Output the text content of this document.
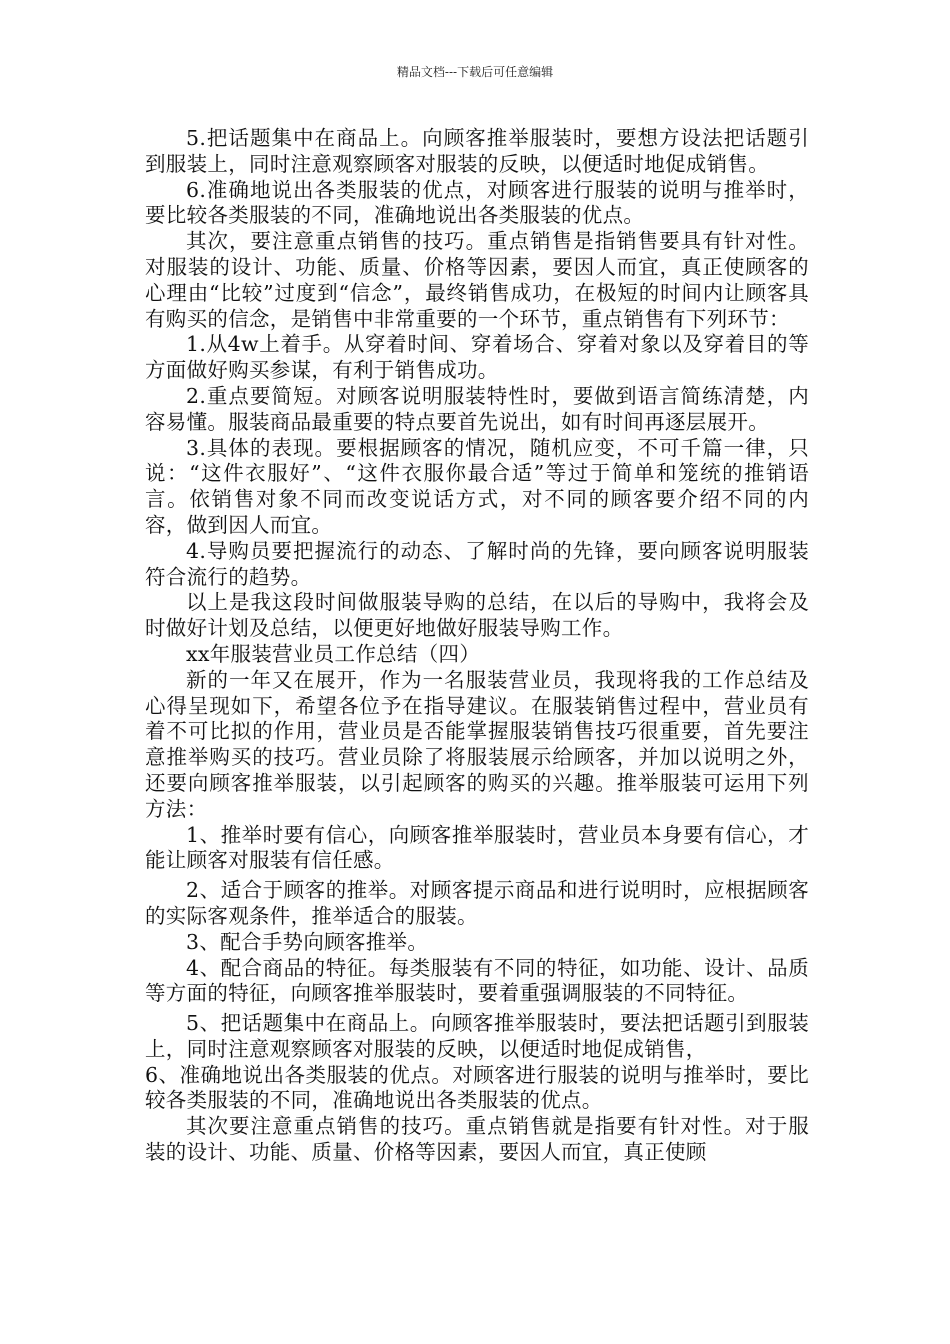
精品文档---下载后可任意编辑

5.把话题集中在商品上。向顾客推举服装时，要想方设法把话题引到服装上，同时注意观察顾客对服装的反映，以便适时地促成销售。

6.准确地说出各类服装的优点，对顾客进行服装的说明与推举时，要比较各类服装的不同，准确地说出各类服装的优点。

其次，要注意重点销售的技巧。重点销售是指销售要具有针对性。对服装的设计、功能、质量、价格等因素，要因人而宜，真正使顾客的心理由“比较”过度到“信念”，最终销售成功，在极短的时间内让顾客具有购买的信念，是销售中非常重要的一个环节，重点销售有下列环节：

1.从4w上着手。从穿着时间、穿着场合、穿着对象以及穿着目的等方面做好购买参谋，有利于销售成功。

2.重点要简短。对顾客说明服装特性时，要做到语言简练清楚，内容易懂。服装商品最重要的特点要首先说出，如有时间再逐层展开。

3.具体的表现。要根据顾客的情况，随机应变，不可千篇一律，只说：“这件衣服好”、“这件衣服你最合适”等过于简单和笼统的推销语言。依销售对象不同而改变说话方式，对不同的顾客要介绍不同的内容，做到因人而宜。

4.导购员要把握流行的动态、了解时尚的先锋，要向顾客说明服装符合流行的趋势。

以上是我这段时间做服装导购的总结，在以后的导购中，我将会及时做好计划及总结，以便更好地做好服装导购工作。

xx年服装营业员工作总结（四）

新的一年又在展开，作为一名服装营业员，我现将我的工作总结及心得呈现如下，希望各位予在指导建议。在服装销售过程中，营业员有着不可比拟的作用，营业员是否能掌握服装销售技巧很重要，首先要注意推举购买的技巧。营业员除了将服装展示给顾客，并加以说明之外，还要向顾客推举服装，以引起顾客的购买的兴趣。推举服装可运用下列方法：

1、推举时要有信心，向顾客推举服装时，营业员本身要有信心，才能让顾客对服装有信任感。

2、适合于顾客的推举。对顾客提示商品和进行说明时，应根据顾客的实际客观条件，推举适合的服装。

3、配合手势向顾客推举。

4、配合商品的特征。每类服装有不同的特征，如功能、设计、品质等方面的特征，向顾客推举服装时，要着重强调服装的不同特征。

5、把话题集中在商品上。向顾客推举服装时，要法把话题引到服装上，同时注意观察顾客对服装的反映，以便适时地促成销售，

6、准确地说出各类服装的优点。对顾客进行服装的说明与推举时，要比较各类服装的不同，准确地说出各类服装的优点。

其次要注意重点销售的技巧。重点销售就是指要有针对性。对于服装的设计、功能、质量、价格等因素，要因人而宜，真正使顾
